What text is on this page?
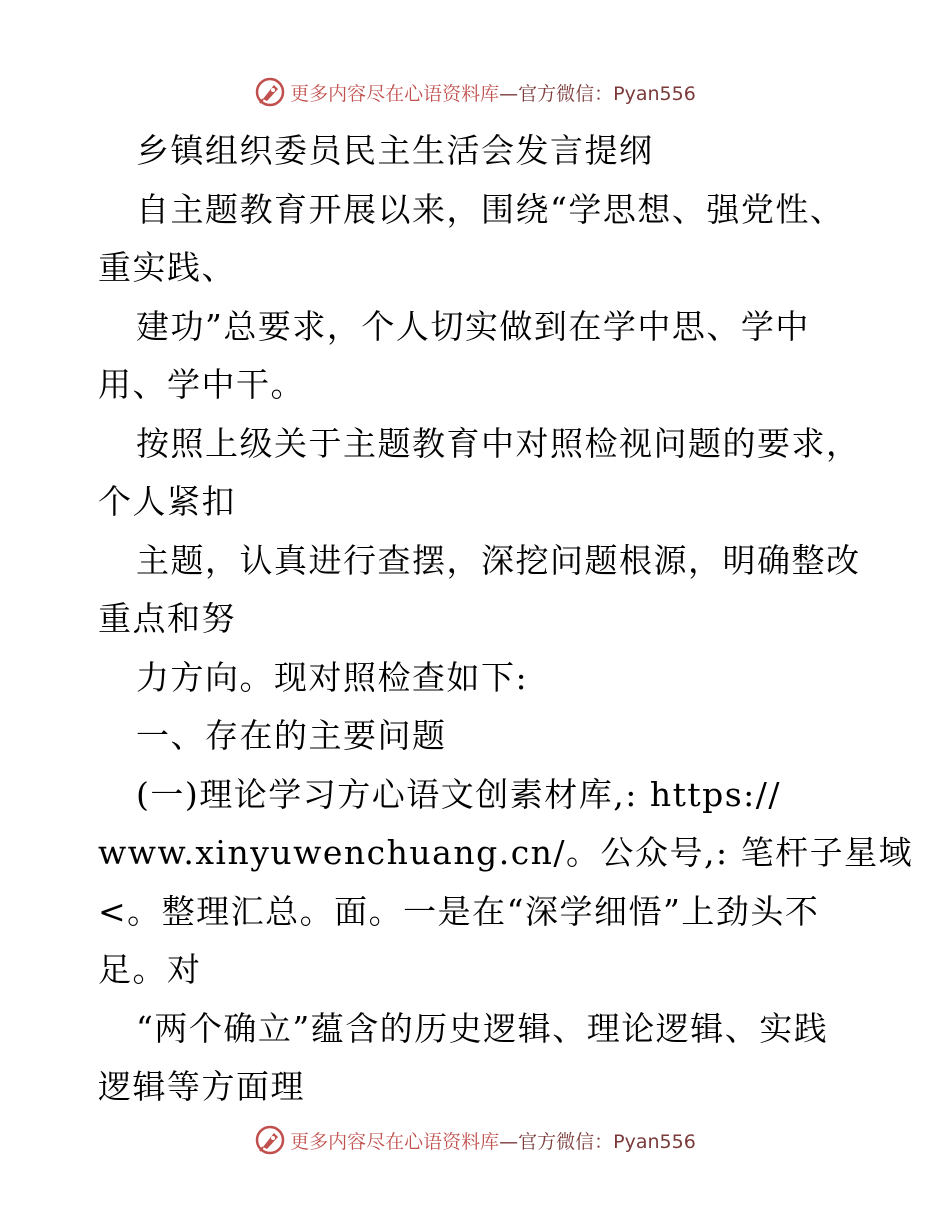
更多内容尽在心语资料库—官方微信：Pyan556
乡镇组织委员民主生活会发言提纲
自主题教育开展以来，围绕“学思想、强党性、
重实践、
建功”总要求，个人切实做到在学中思、学中
用、学中干。
按照上级关于主题教育中对照检视问题的要求，
个人紧扣
主题，认真进行查摆，深挖问题根源，明确整改
重点和努
力方向。现对照检查如下:
一、存在的主要问题
(一)理论学习方心语文创素材库,: https://
www.xinyuwenchuang.cn/。公众号,: 笔杆子星域
<。整理汇总。面。一是在“深学细悟”上劲头不
足。对
“两个确立”蕴含的历史逻辑、理论逻辑、实践
逻辑等方面理
更多内容尽在心语资料库—官方微信：Pyan556
